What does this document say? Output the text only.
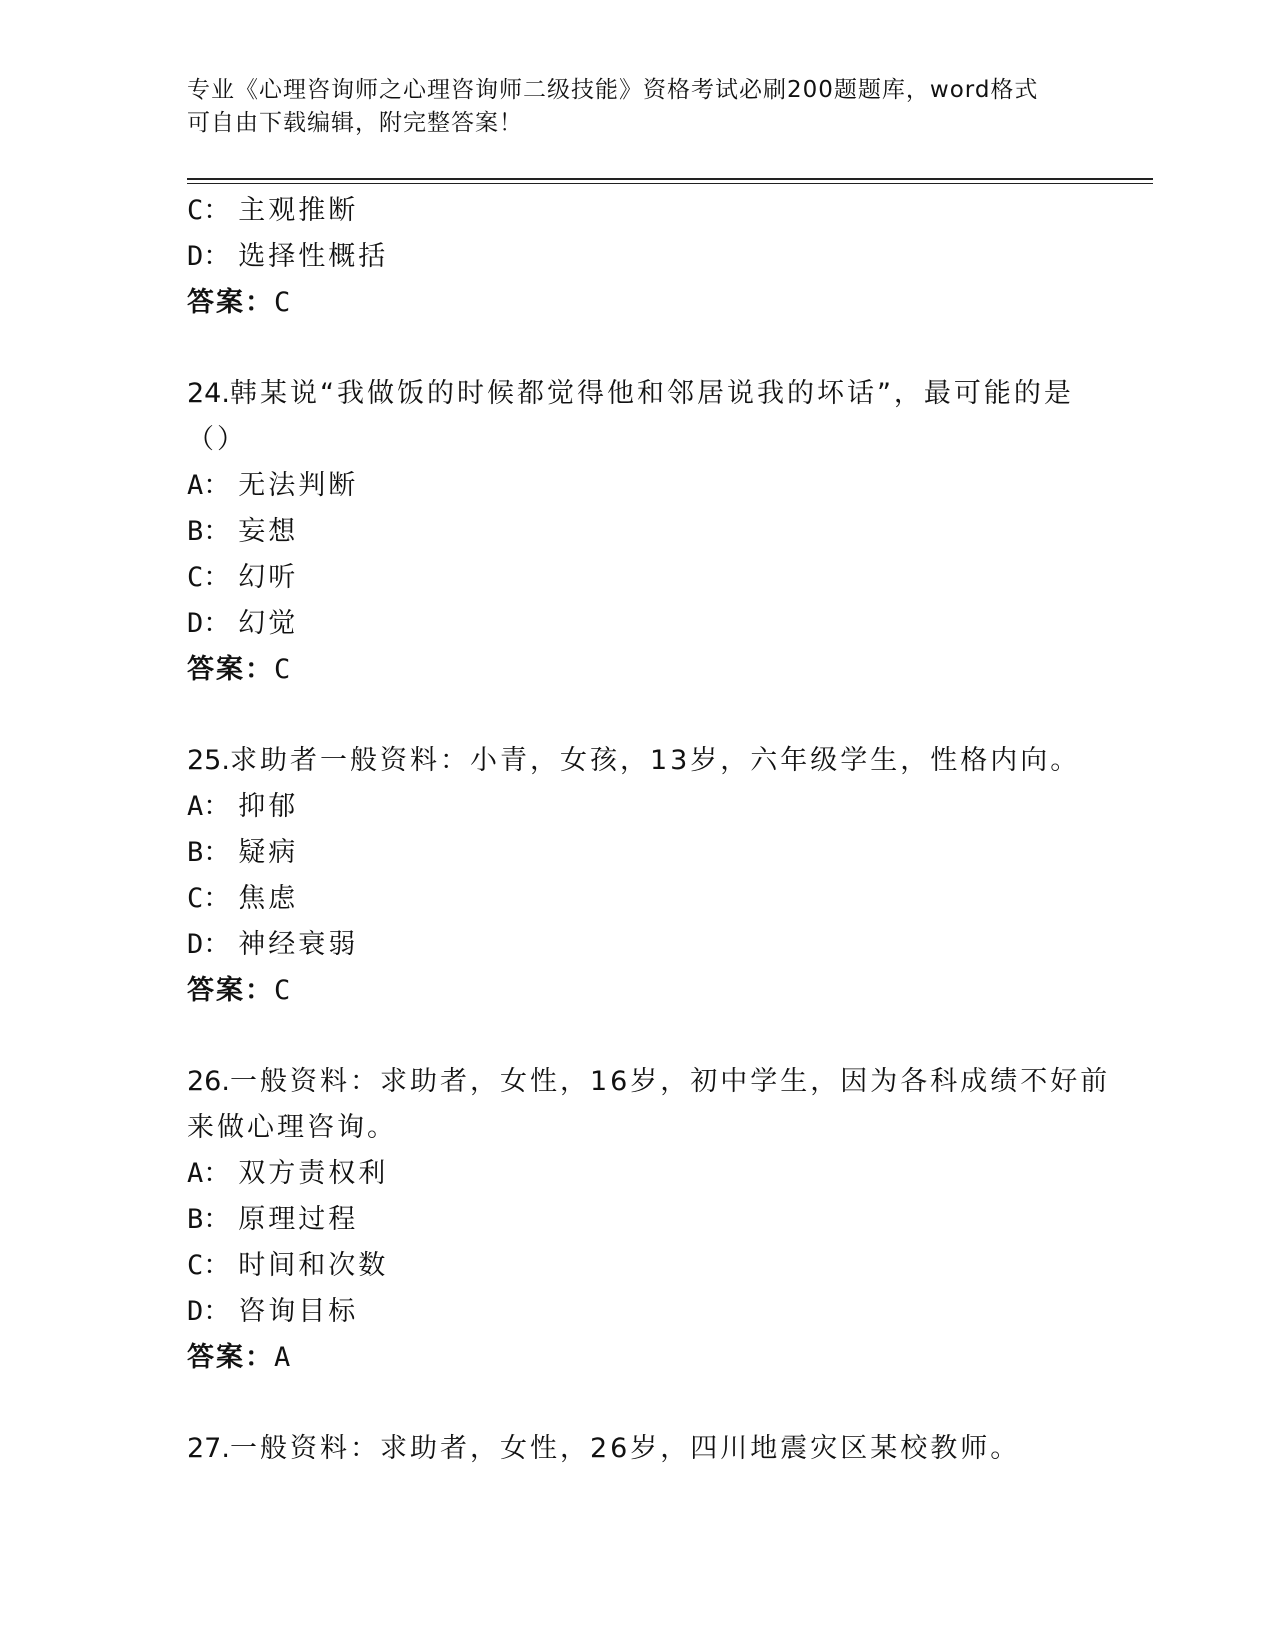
专业《心理咨询师之心理咨询师二级技能》资格考试必刷200题题库，word格式
可自由下载编辑，附完整答案！
C： 主观推断
D： 选择性概括
答案：C
24.韩某说“我做饭的时候都觉得他和邻居说我的坏话”，最可能的是
（）
A： 无法判断
B： 妄想
C： 幻听
D： 幻觉
答案：C
25.求助者一般资料：小青，女孩，13岁，六年级学生，性格内向。
A： 抑郁
B： 疑病
C： 焦虑
D： 神经衰弱
答案：C
26.一般资料：求助者，女性，16岁，初中学生，因为各科成绩不好前
来做心理咨询。
A： 双方责权利
B： 原理过程
C： 时间和次数
D： 咨询目标
答案：A
27.一般资料：求助者，女性，26岁，四川地震灾区某校教师。
